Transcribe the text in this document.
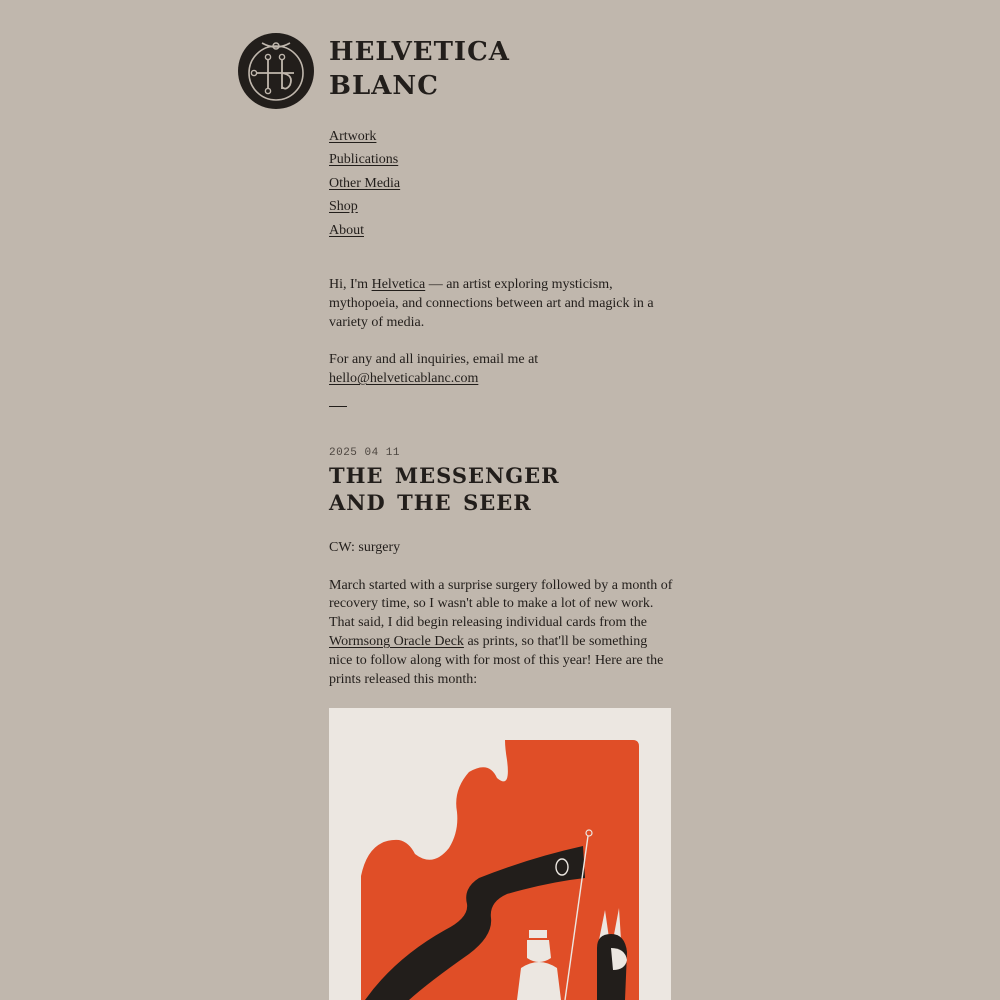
helvetica
blanc
Artwork
Publications
Other Media
Shop
About

Hi, I'm Helvetica — an artist exploring mysticism, mythopoeia, and connections between art and magick in a variety of media.

For any and all inquiries, email me at
hello@helveticablanc.com

2025 04 11
the messenger
and the seer

CW: surgery

March started with a surprise surgery followed by a month of recovery time, so I wasn't able to make a lot of new work. That said, I did begin releasing individual cards from the Wormsong Oracle Deck as prints, so that'll be something nice to follow along with for most of this year! Here are the prints released this month:
